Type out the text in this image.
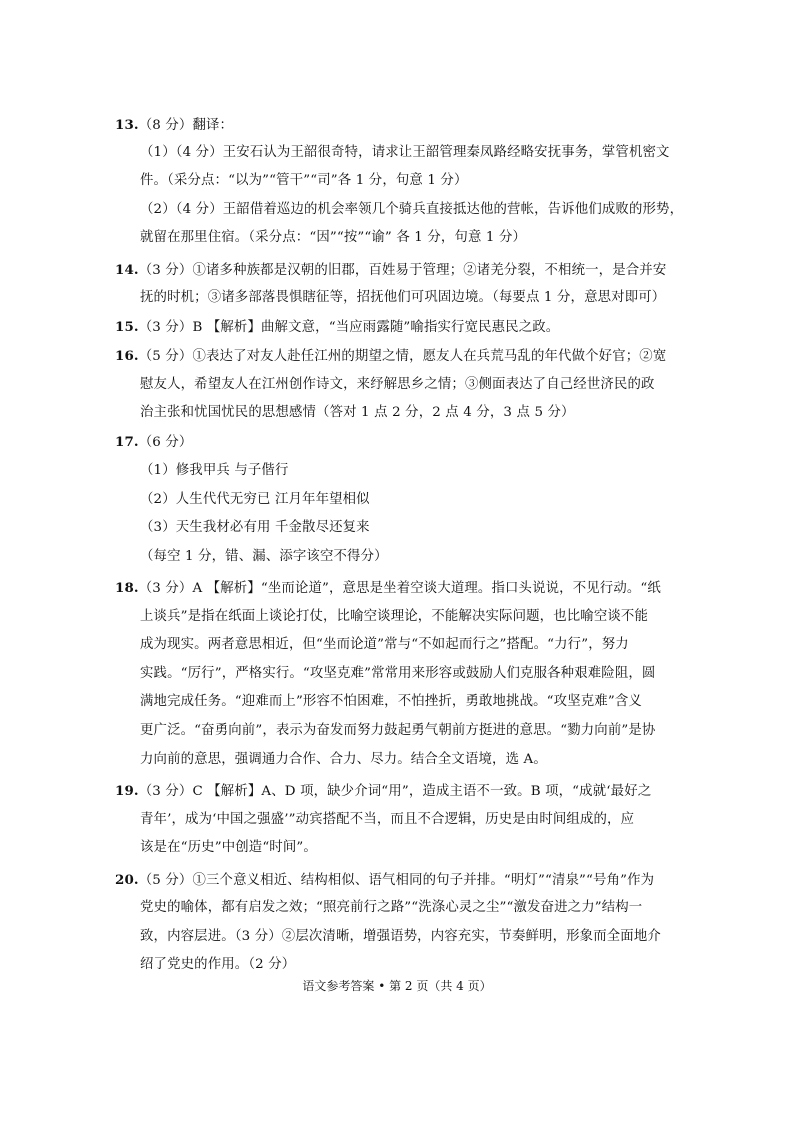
13.（8 分）翻译：
（1）（4 分）王安石认为王韶很奇特，请求让王韶管理秦凤路经略安抚事务，掌管机密文
件。（采分点：“以为”“管干”“司”各 1 分，句意 1 分）
（2）（4 分）王韶借着巡边的机会率领几个骑兵直接抵达他的营帐，告诉他们成败的形势，
就留在那里住宿。（采分点：“因”“按”“谕” 各 1 分，句意 1 分）
14.（3 分）①诸多种族都是汉朝的旧郡，百姓易于管理；②诸羌分裂，不相统一，是合并安
抚的时机；③诸多部落畏惧瞎征等，招抚他们可巩固边境。（每要点 1 分，意思对即可）
15.（3 分）B 【解析】曲解文意，“当应雨露随”喻指实行宽民惠民之政。
16.（5 分）①表达了对友人赴任江州的期望之情，愿友人在兵荒马乱的年代做个好官；②宽
慰友人，希望友人在江州创作诗文，来纾解思乡之情；③侧面表达了自己经世济民的政
治主张和忧国忧民的思想感情（答对 1 点 2 分，2 点 4 分，3 点 5 分）
17.（6 分）
（1）修我甲兵 与子偕行
（2）人生代代无穷已 江月年年望相似
（3）天生我材必有用 千金散尽还复来
（每空 1 分，错、漏、添字该空不得分）
18.（3 分）A 【解析】“坐而论道”，意思是坐着空谈大道理。指口头说说，不见行动。“纸
上谈兵”是指在纸面上谈论打仗，比喻空谈理论，不能解决实际问题，也比喻空谈不能
成为现实。两者意思相近，但“坐而论道”常与“不如起而行之”搭配。“力行”，努力
实践。“厉行”，严格实行。“攻坚克难”常常用来形容或鼓励人们克服各种艰难险阻，圆
满地完成任务。“迎难而上”形容不怕困难，不怕挫折，勇敢地挑战。“攻坚克难”含义
更广泛。“奋勇向前”，表示为奋发而努力鼓起勇气朝前方挺进的意思。“勠力向前”是协
力向前的意思，强调通力合作、合力、尽力。结合全文语境，选 A。
19.（3 分）C 【解析】A、D 项，缺少介词“用”，造成主语不一致。B 项，“成就‘最好之
青年’，成为‘中国之强盛’”动宾搭配不当，而且不合逻辑，历史是由时间组成的，应
该是在“历史”中创造“时间”。
20.（5 分）①三个意义相近、结构相似、语气相同的句子并排。“明灯”“清泉”“号角”作为
党史的喻体，都有启发之效；“照亮前行之路”“洗涤心灵之尘”“激发奋进之力”结构一
致，内容层进。（3 分）②层次清晰，增强语势，内容充实，节奏鲜明，形象而全面地介
绍了党史的作用。（2 分）
语文参考答案 • 第 2 页（共 4 页）
